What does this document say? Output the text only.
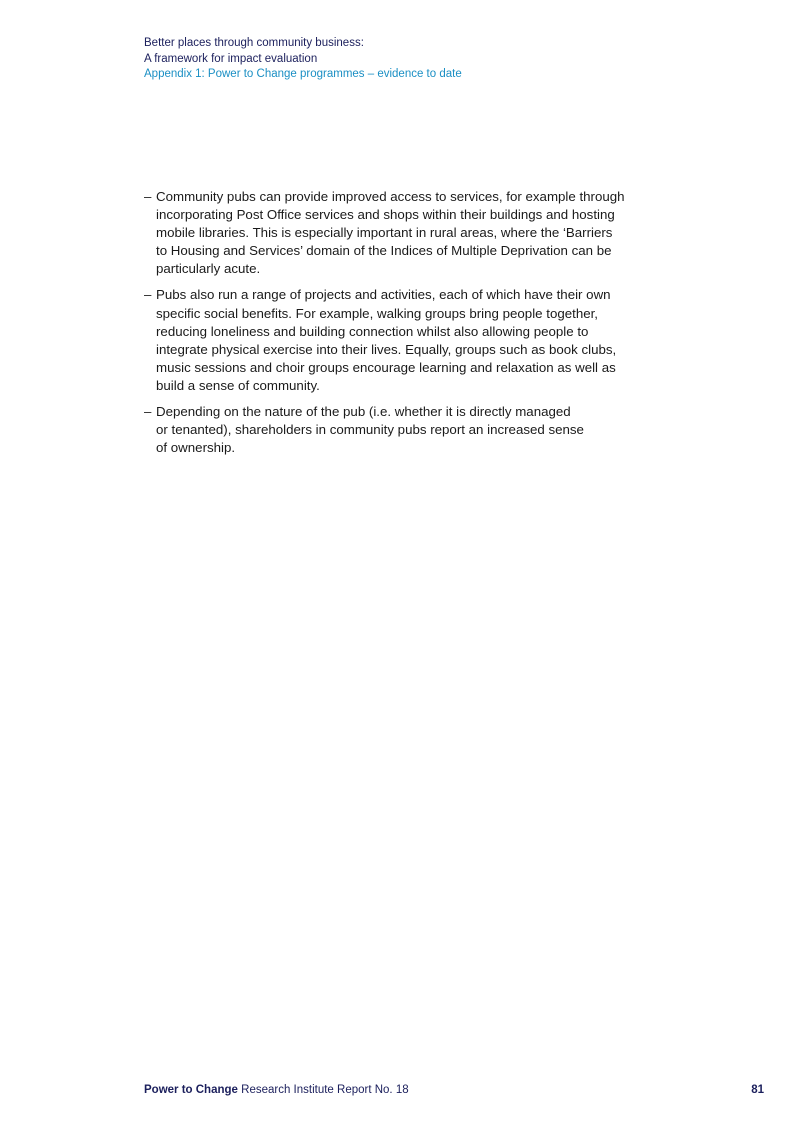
Better places through community business:
A framework for impact evaluation
Appendix 1: Power to Change programmes – evidence to date
– Community pubs can provide improved access to services, for example through
incorporating Post Office services and shops within their buildings and hosting
mobile libraries. This is especially important in rural areas, where the ‘Barriers
to Housing and Services’ domain of the Indices of Multiple Deprivation can be
particularly acute.
– Pubs also run a range of projects and activities, each of which have their own
specific social benefits. For example, walking groups bring people together,
reducing loneliness and building connection whilst also allowing people to
integrate physical exercise into their lives. Equally, groups such as book clubs,
music sessions and choir groups encourage learning and relaxation as well as
build a sense of community.
– Depending on the nature of the pub (i.e. whether it is directly managed
or tenanted), shareholders in community pubs report an increased sense
of ownership.
Power to Change Research Institute Report No. 18	81
